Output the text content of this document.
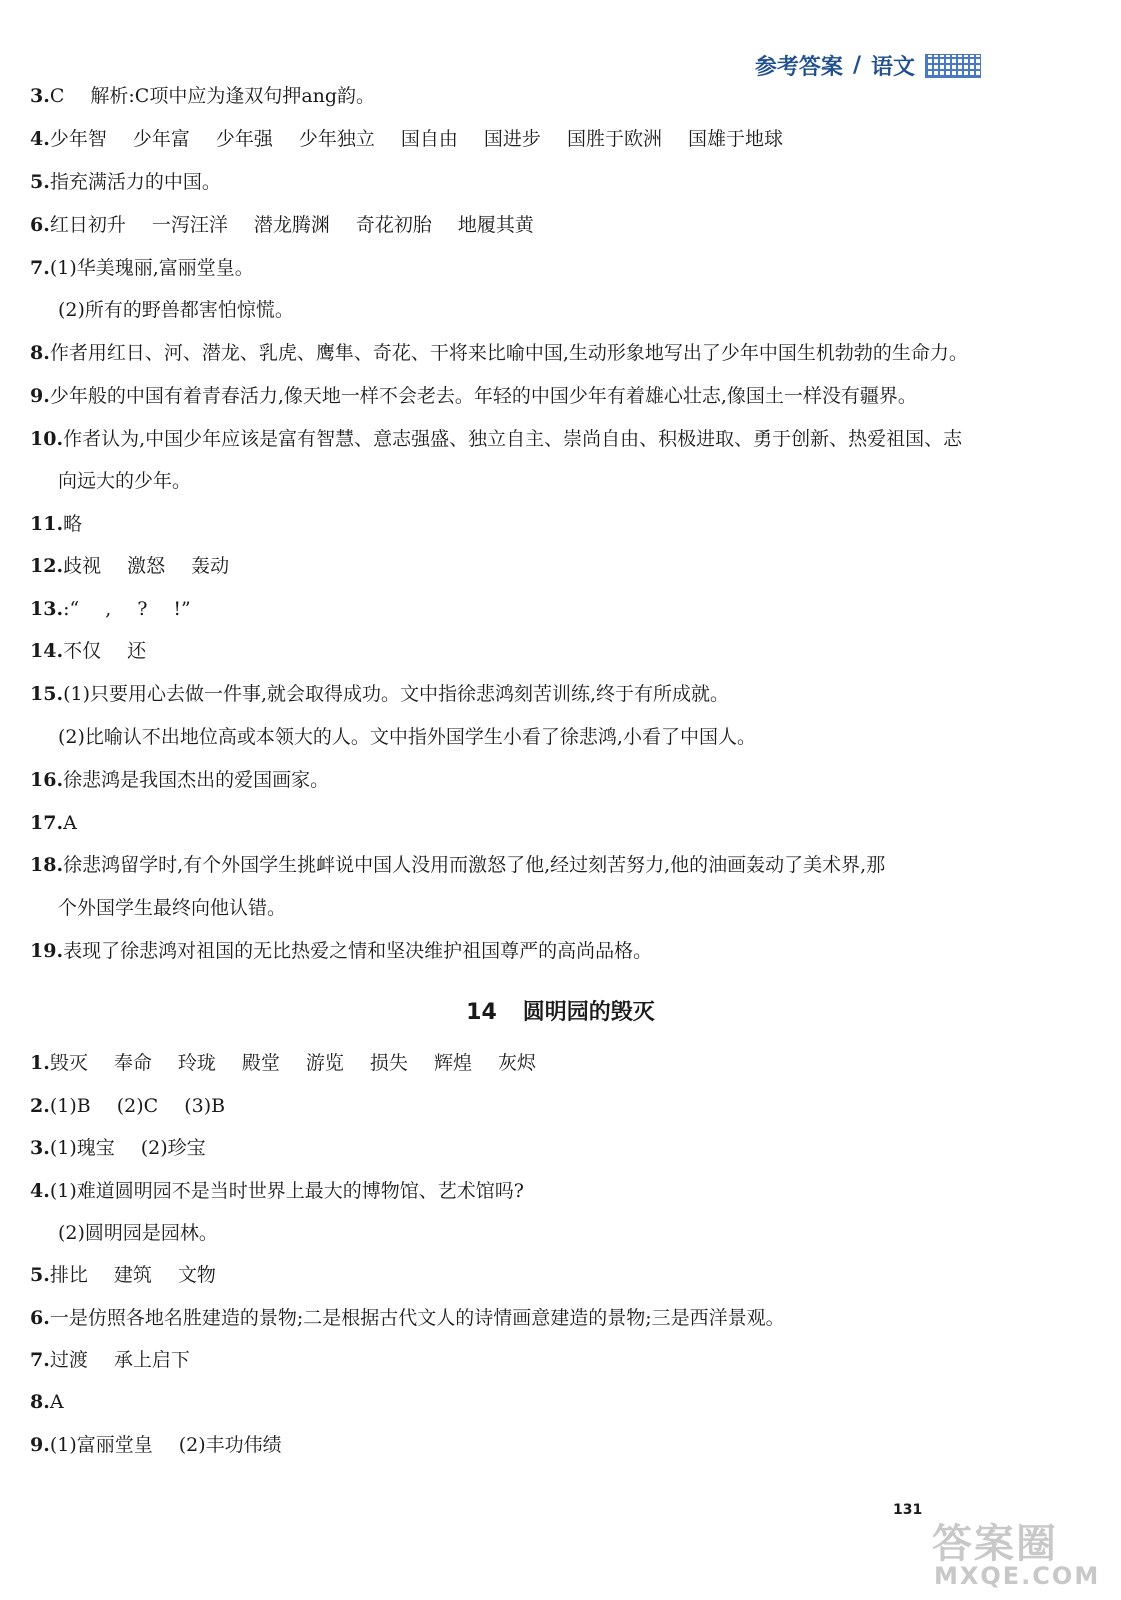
参考答案 / 语文
3.C 解析:C项中应为逢双句押ang韵。
4.少年智 少年富 少年强 少年独立 国自由 国进步 国胜于欧洲 国雄于地球
5.指充满活力的中国。
6.红日初升 一泻汪洋 潜龙腾渊 奇花初胎 地履其黄
7.(1)华美瑰丽,富丽堂皇。
(2)所有的野兽都害怕惊慌。
8.作者用红日、河、潜龙、乳虎、鹰隼、奇花、干将来比喻中国,生动形象地写出了少年中国生机勃勃的生命力。
9.少年般的中国有着青春活力,像天地一样不会老去。年轻的中国少年有着雄心壮志,像国土一样没有疆界。
10.作者认为,中国少年应该是富有智慧、意志强盛、独立自主、崇尚自由、积极进取、勇于创新、热爱祖国、志
向远大的少年。
11.略
12.歧视 激怒 轰动
13.:“ , ? !”
14.不仅 还
15.(1)只要用心去做一件事,就会取得成功。文中指徐悲鸿刻苦训练,终于有所成就。
(2)比喻认不出地位高或本领大的人。文中指外国学生小看了徐悲鸿,小看了中国人。
16.徐悲鸿是我国杰出的爱国画家。
17.A
18.徐悲鸿留学时,有个外国学生挑衅说中国人没用而激怒了他,经过刻苦努力,他的油画轰动了美术界,那
个外国学生最终向他认错。
19.表现了徐悲鸿对祖国的无比热爱之情和坚决维护祖国尊严的高尚品格。
14 圆明园的毁灭
1.毁灭 奉命 玲珑 殿堂 游览 损失 辉煌 灰烬
2.(1)B (2)C (3)B
3.(1)瑰宝 (2)珍宝
4.(1)难道圆明园不是当时世界上最大的博物馆、艺术馆吗?
(2)圆明园是园林。
5.排比 建筑 文物
6.一是仿照各地名胜建造的景物;二是根据古代文人的诗情画意建造的景物;三是西洋景观。
7.过渡 承上启下
8.A
9.(1)富丽堂皇 (2)丰功伟绩
131
答案圈
MXQE.COM
